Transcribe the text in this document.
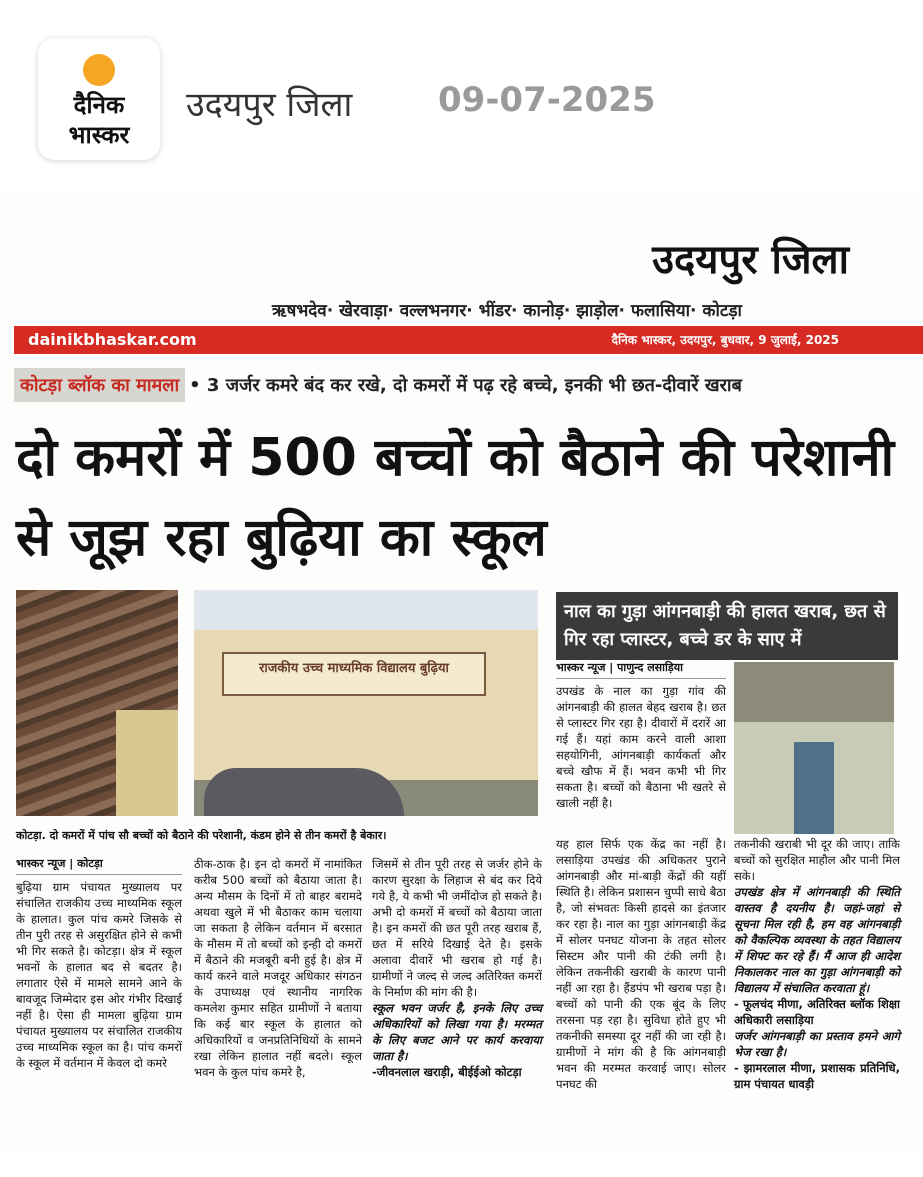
दैनिक
भास्कर
उदयपुर जिला	09-07-2025
उदयपुर जिला
ऋषभदेव· खेरवाड़ा· वल्लभनगर· भींडर· कानोड़· झाड़ोल· फलासिया· कोटड़ा
dainikbhaskar.com	दैनिक भास्कर, उदयपुर, बुधवार, 9 जुलाई, 2025
कोटड़ा ब्लॉक का मामला • 3 जर्जर कमरे बंद कर रखे, दो कमरों में पढ़ रहे बच्चे, इनकी भी छत-दीवारें खराब
दो कमरों में 500 बच्चों को बैठाने की परेशानी से जूझ रहा बुढ़िया का स्कूल
राजकीय उच्च माध्यमिक विद्यालय बुढ़िया
कोटड़ा. दो कमरों में पांच सौ बच्चों को बैठाने की परेशानी, कंडम होने से तीन कमरों है बेकार।
नाल का गुड़ा आंगनबाड़ी की हालत खराब, छत से गिर रहा प्लास्टर, बच्चे डर के साए में
भास्कर न्यूज | कोटड़ा

बुढ़िया ग्राम पंचायत मुख्यालय पर संचालित राजकीय उच्च माध्यमिक स्कूल के हालात। कुल पांच कमरे जिसके से तीन पुरी तरह से असुरक्षित होने से कभी भी गिर सकते है। कोटड़ा। क्षेत्र में स्कूल भवनों के हालात बद से बदतर है। लगातार ऐसे में मामले सामने आने के बावजूद जिम्मेदार इस ओर गंभीर दिखाई नहीं है। ऐसा ही मामला बुढ़िया ग्राम पंचायत मुख्यालय पर संचालित राजकीय उच्च माध्यमिक स्कूल का है। पांच कमरों के स्कूल में वर्तमान में केवल दो कमरे

ठीक-ठाक है। इन दो कमरों में नामांकित करीब 500 बच्चों को बैठाया जाता है। अन्य मौसम के दिनों में तो बाहर बरामदे अथवा खुले में भी बैठाकर काम चलाया जा सकता है लेकिन वर्तमान में बरसात के मौसम में तो बच्चों को इन्ही दो कमरों में बैठाने की मजबूरी बनी हुई है। क्षेत्र में कार्य करने वाले मजदूर अधिकार संगठन के उपाध्यक्ष एवं स्थानीय नागरिक कमलेश कुमार सहित ग्रामीणों ने बताया कि कई बार स्कूल के हालात को अधिकारियों व जनप्रतिनिधियों के सामने रखा लेकिन हालात नहीं बदले। स्कूल भवन के कुल पांच कमरे है,

जिसमें से तीन पूरी तरह से जर्जर होने के कारण सुरक्षा के लिहाज से बंद कर दिये गये है, ये कभी भी जमींदोज हो सकते है। अभी दो कमरों में बच्चों को बैठाया जाता है। इन कमरों की छत पूरी तरह खराब हैं, छत में सरिये दिखाई देते है। इसके अलावा दीवारें भी खराब हो गई है। ग्रामीणों ने जल्द से जल्द अतिरिक्त कमरों के निर्माण की मांग की है।

स्कूल भवन जर्जर है, इनके लिए उच्च अधिकारियों को लिखा गया है। मरम्मत के लिए बजट आने पर कार्य करवाया जाता है।

-जीवनलाल खराड़ी, बीईईओ कोटड़ा

भास्कर न्यूज | पाणुन्द लसाड़िया

उपखंड के नाल का गुड़ा गांव की आंगनबाड़ी की हालत बेहद खराब है। छत से प्लास्टर गिर रहा है। दीवारों में दरारें आ गई हैं। यहां काम करने वाली आशा सहयोगिनी, आंगनबाड़ी कार्यकर्ता और बच्चे खौफ में हैं। भवन कभी भी गिर सकता है। बच्चों को बैठाना भी खतरे से खाली नहीं है।

यह हाल सिर्फ एक केंद्र का नहीं है। लसाड़िया उपखंड की अधिकतर पुराने आंगनबाड़ी और मां-बाड़ी केंद्रों की यहीं स्थिति है। लेकिन प्रशासन चुप्पी साधे बैठा है, जो संभवतः किसी हादसे का इंतजार कर रहा है। नाल का गुड़ा आंगनबाड़ी केंद्र में सोलर पनघट योजना के तहत सोलर सिस्टम और पानी की टंकी लगी है। लेकिन तकनीकी खराबी के कारण पानी नहीं आ रहा है। हैंडपंप भी खराब पड़ा है। बच्चों को पानी की एक बूंद के लिए तरसना पड़ रहा है। सुविधा होते हुए भी तकनीकी समस्या दूर नहीं की जा रही है। ग्रामीणों ने मांग की है कि आंगनबाड़ी भवन की मरम्मत करवाई जाए। सोलर पनघट की

तकनीकी खराबी भी दूर की जाए। ताकि बच्चों को सुरक्षित माहौल और पानी मिल सके।

उपखंड क्षेत्र में आंगनबाड़ी की स्थिति वास्तव है दयनीय है। जहां-जहां से सूचना मिल रही है, हम वह आंगनबाड़ी को वैकल्पिक व्यवस्था के तहत विद्यालय में शिफ्ट कर रहे हैं। मैं आज ही आदेश निकालकर नाल का गुड़ा आंगनबाड़ी को विद्यालय में संचालित करवाता हूं।

- फूलचंद मीणा, अतिरिक्त ब्लॉक शिक्षा अधिकारी लसाड़िया

जर्जर आंगनबाड़ी का प्रस्ताव हमने आगे भेज रखा है।

- झामरलाल मीणा, प्रशासक प्रतिनिधि, ग्राम पंचायत धावड़ी
